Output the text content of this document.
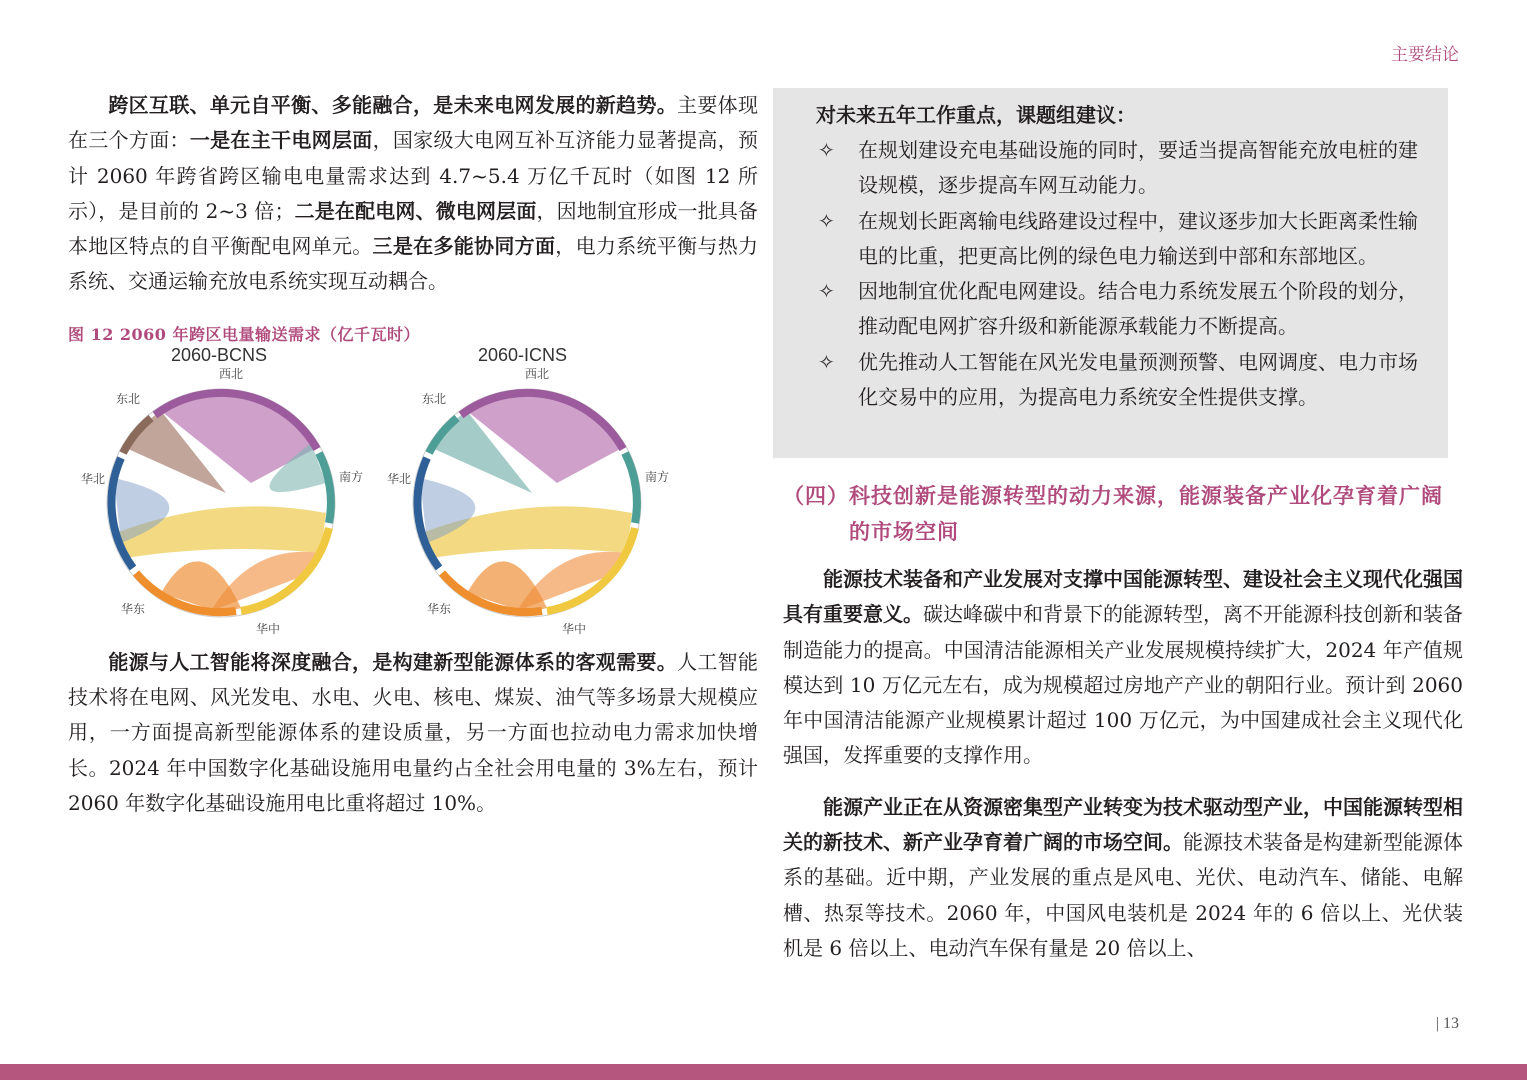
主要结论

跨区互联、单元自平衡、多能融合，是未来电网发展的新趋势。主要体现在三个方面：一是在主干电网层面，国家级大电网互补互济能力显著提高，预计 2060 年跨省跨区输电电量需求达到 4.7~5.4 万亿千瓦时（如图 12 所示），是目前的 2~3 倍；二是在配电网、微电网层面，因地制宜形成一批具备本地区特点的自平衡配电网单元。三是在多能协同方面，电力系统平衡与热力系统、交通运输充放电系统实现互动耦合。

图 12 2060 年跨区电量输送需求（亿千瓦时）
2060-BCNS	2060-ICNS
西北
南方
华中
华东
华北
东北
西北
南方
华中
华东
华北
东北

能源与人工智能将深度融合，是构建新型能源体系的客观需要。人工智能技术将在电网、风光发电、水电、火电、核电、煤炭、油气等多场景大规模应用，一方面提高新型能源体系的建设质量，另一方面也拉动电力需求加快增长。2024 年中国数字化基础设施用电量约占全社会用电量的 3%左右，预计 2060 年数字化基础设施用电比重将超过 10%。

对未来五年工作重点，课题组建议：
✧	在规划建设充电基础设施的同时，要适当提高智能充放电桩的建设规模，逐步提高车网互动能力。
✧	在规划长距离输电线路建设过程中，建议逐步加大长距离柔性输电的比重，把更高比例的绿色电力输送到中部和东部地区。
✧	因地制宜优化配电网建设。结合电力系统发展五个阶段的划分，推动配电网扩容升级和新能源承载能力不断提高。
✧	优先推动人工智能在风光发电量预测预警、电网调度、电力市场化交易中的应用，为提高电力系统安全性提供支撑。
（四） 科技创新是能源转型的动力来源，能源装备产业化孕育着广阔的市场空间

能源技术装备和产业发展对支撑中国能源转型、建设社会主义现代化强国具有重要意义。碳达峰碳中和背景下的能源转型，离不开能源科技创新和装备制造能力的提高。中国清洁能源相关产业发展规模持续扩大，2024 年产值规模达到 10 万亿元左右，成为规模超过房地产产业的朝阳行业。预计到 2060 年中国清洁能源产业规模累计超过 100 万亿元，为中国建成社会主义现代化强国，发挥重要的支撑作用。

能源产业正在从资源密集型产业转变为技术驱动型产业，中国能源转型相关的新技术、新产业孕育着广阔的市场空间。能源技术装备是构建新型能源体系的基础。近中期，产业发展的重点是风电、光伏、电动汽车、储能、电解槽、热泵等技术。2060 年，中国风电装机是 2024 年的 6 倍以上、光伏装机是 6 倍以上、电动汽车保有量是 20 倍以上、

| 13
